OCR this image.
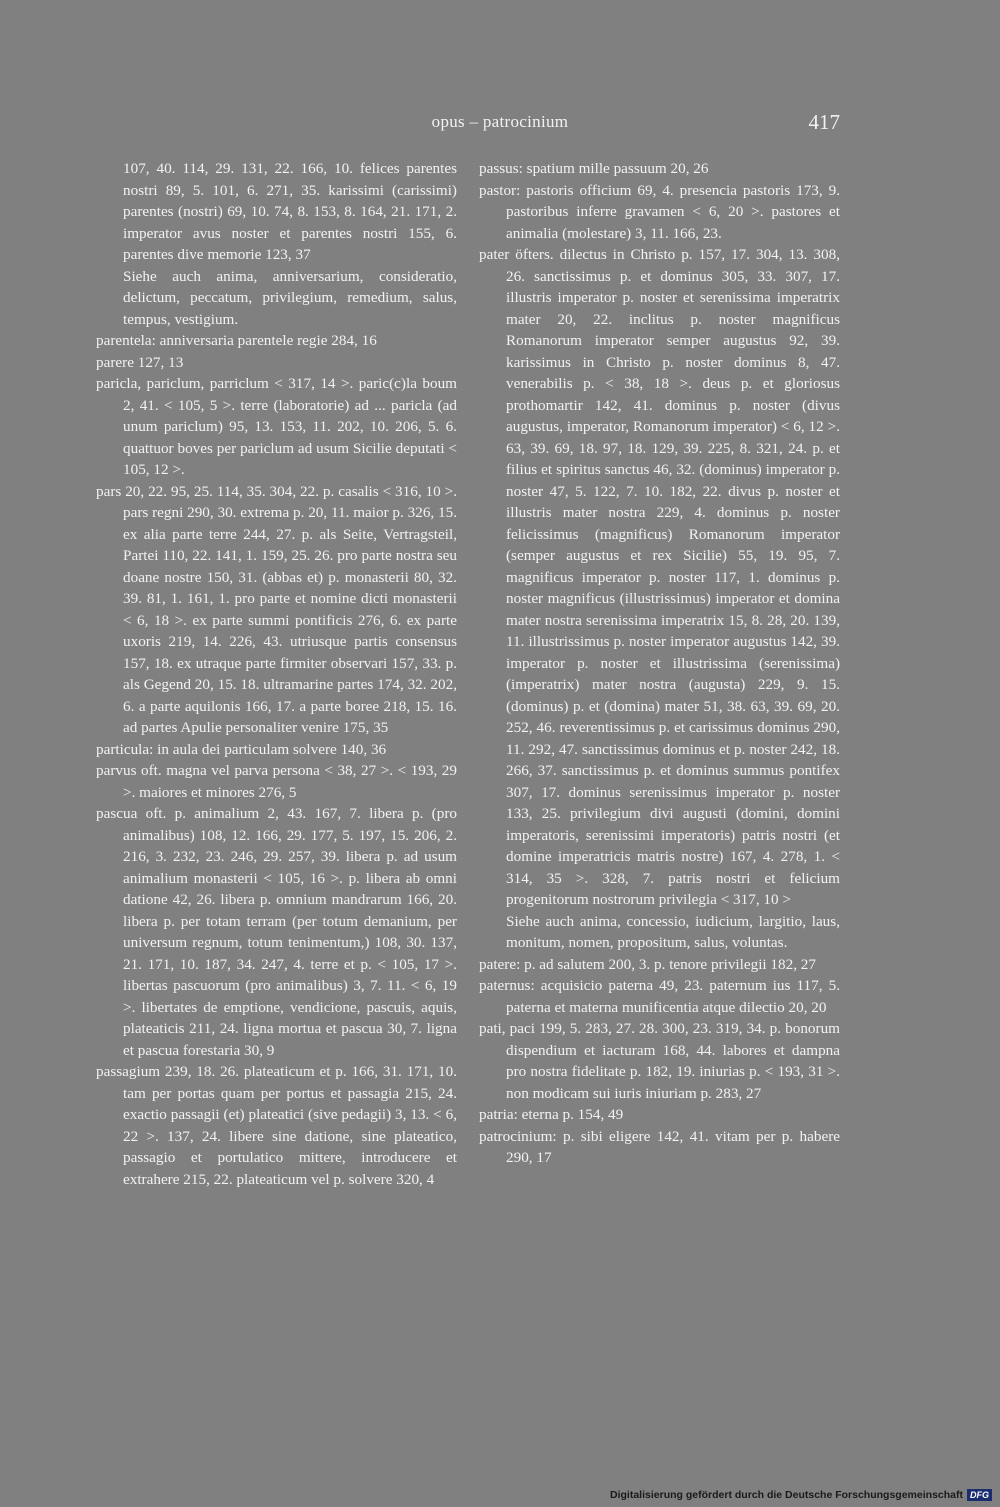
opus – patrocinium	417

107, 40. 114, 29. 131, 22. 166, 10. felices parentes nostri 89, 5. 101, 6. 271, 35. karissimi (carissimi) parentes (nostri) 69, 10. 74, 8. 153, 8. 164, 21. 171, 2. imperator avus noster et parentes nostri 155, 6. parentes dive memorie 123, 37

Siehe auch anima, anniversarium, consideratio, delictum, peccatum, privilegium, remedium, salus, tempus, vestigium.

parentela: anniversaria parentele regie 284, 16

parere 127, 13

paricla, pariclum, parriclum < 317, 14 >. paric(c)la boum 2, 41. < 105, 5 >. terre (laboratorie) ad ... paricla (ad unum pariclum) 95, 13. 153, 11. 202, 10. 206, 5. 6. quattuor boves per pariclum ad usum Sicilie deputati < 105, 12 >.

pars 20, 22. 95, 25. 114, 35. 304, 22. p. casalis < 316, 10 >. pars regni 290, 30. extrema p. 20, 11. maior p. 326, 15. ex alia parte terre 244, 27. p. als Seite, Vertragsteil, Partei 110, 22. 141, 1. 159, 25. 26. pro parte nostra seu doane nostre 150, 31. (abbas et) p. monasterii 80, 32. 39. 81, 1. 161, 1. pro parte et nomine dicti monasterii < 6, 18 >. ex parte summi pontificis 276, 6. ex parte uxoris 219, 14. 226, 43. utriusque partis consensus 157, 18. ex utraque parte firmiter observari 157, 33. p. als Gegend 20, 15. 18. ultramarine partes 174, 32. 202, 6. a parte aquilonis 166, 17. a parte boree 218, 15. 16. ad partes Apulie personaliter venire 175, 35

particula: in aula dei particulam solvere 140, 36

parvus oft. magna vel parva persona < 38, 27 >. < 193, 29 >. maiores et minores 276, 5

pascua oft. p. animalium 2, 43. 167, 7. libera p. (pro animalibus) 108, 12. 166, 29. 177, 5. 197, 15. 206, 2. 216, 3. 232, 23. 246, 29. 257, 39. libera p. ad usum animalium monasterii < 105, 16 >. p. libera ab omni datione 42, 26. libera p. omnium mandrarum 166, 20. libera p. per totam terram (per totum demanium, per universum regnum, totum tenimentum,) 108, 30. 137, 21. 171, 10. 187, 34. 247, 4. terre et p. < 105, 17 >. libertas pascuorum (pro animalibus) 3, 7. 11. < 6, 19 >. libertates de emptione, vendicione, pascuis, aquis, plateaticis 211, 24. ligna mortua et pascua 30, 7. ligna et pascua forestaria 30, 9

passagium 239, 18. 26. plateaticum et p. 166, 31. 171, 10. tam per portas quam per portus et passagia 215, 24. exactio passagii (et) plateatici (sive pedagii) 3, 13. < 6, 22 >. 137, 24. libere sine datione, sine plateatico, passagio et portulatico mittere, introducere et extrahere 215, 22. plateaticum vel p. solvere 320, 4

passus: spatium mille passuum 20, 26

pastor: pastoris officium 69, 4. presencia pastoris 173, 9. pastoribus inferre gravamen < 6, 20 >. pastores et animalia (molestare) 3, 11. 166, 23.

pater öfters. dilectus in Christo p. 157, 17. 304, 13. 308, 26. sanctissimus p. et dominus 305, 33. 307, 17. illustris imperator p. noster et serenissima imperatrix mater 20, 22. inclitus p. noster magnificus Romanorum imperator semper augustus 92, 39. karissimus in Christo p. noster dominus 8, 47. venerabilis p. < 38, 18 >. deus p. et gloriosus prothomartir 142, 41. dominus p. noster (divus augustus, imperator, Romanorum imperator) < 6, 12 >. 63, 39. 69, 18. 97, 18. 129, 39. 225, 8. 321, 24. p. et filius et spiritus sanctus 46, 32. (dominus) imperator p. noster 47, 5. 122, 7. 10. 182, 22. divus p. noster et illustris mater nostra 229, 4. dominus p. noster felicissimus (magnificus) Romanorum imperator (semper augustus et rex Sicilie) 55, 19. 95, 7. magnificus imperator p. noster 117, 1. dominus p. noster magnificus (illustrissimus) imperator et domina mater nostra serenissima imperatrix 15, 8. 28, 20. 139, 11. illustrissimus p. noster imperator augustus 142, 39. imperator p. noster et illustrissima (serenissima) (imperatrix) mater nostra (augusta) 229, 9. 15. (dominus) p. et (domina) mater 51, 38. 63, 39. 69, 20. 252, 46. reverentissimus p. et carissimus dominus 290, 11. 292, 47. sanctissimus dominus et p. noster 242, 18. 266, 37. sanctissimus p. et dominus summus pontifex 307, 17. dominus serenissimus imperator p. noster 133, 25. privilegium divi augusti (domini, domini imperatoris, serenissimi imperatoris) patris nostri (et domine imperatricis matris nostre) 167, 4. 278, 1. < 314, 35 >. 328, 7. patris nostri et felicium progenitorum nostrorum privilegia < 317, 10 >

Siehe auch anima, concessio, iudicium, largitio, laus, monitum, nomen, propositum, salus, voluntas.

patere: p. ad salutem 200, 3. p. tenore privilegii 182, 27

paternus: acquisicio paterna 49, 23. paternum ius 117, 5. paterna et materna munificentia atque dilectio 20, 20

pati, paci 199, 5. 283, 27. 28. 300, 23. 319, 34. p. bonorum dispendium et iacturam 168, 44. labores et dampna pro nostra fidelitate p. 182, 19. iniurias p. < 193, 31 >. non modicam sui iuris iniuriam p. 283, 27

patria: eterna p. 154, 49

patrocinium: p. sibi eligere 142, 41. vitam per p. habere 290, 17

Digitalisierung gefördert durch die Deutsche Forschungsgemeinschaft DFG
